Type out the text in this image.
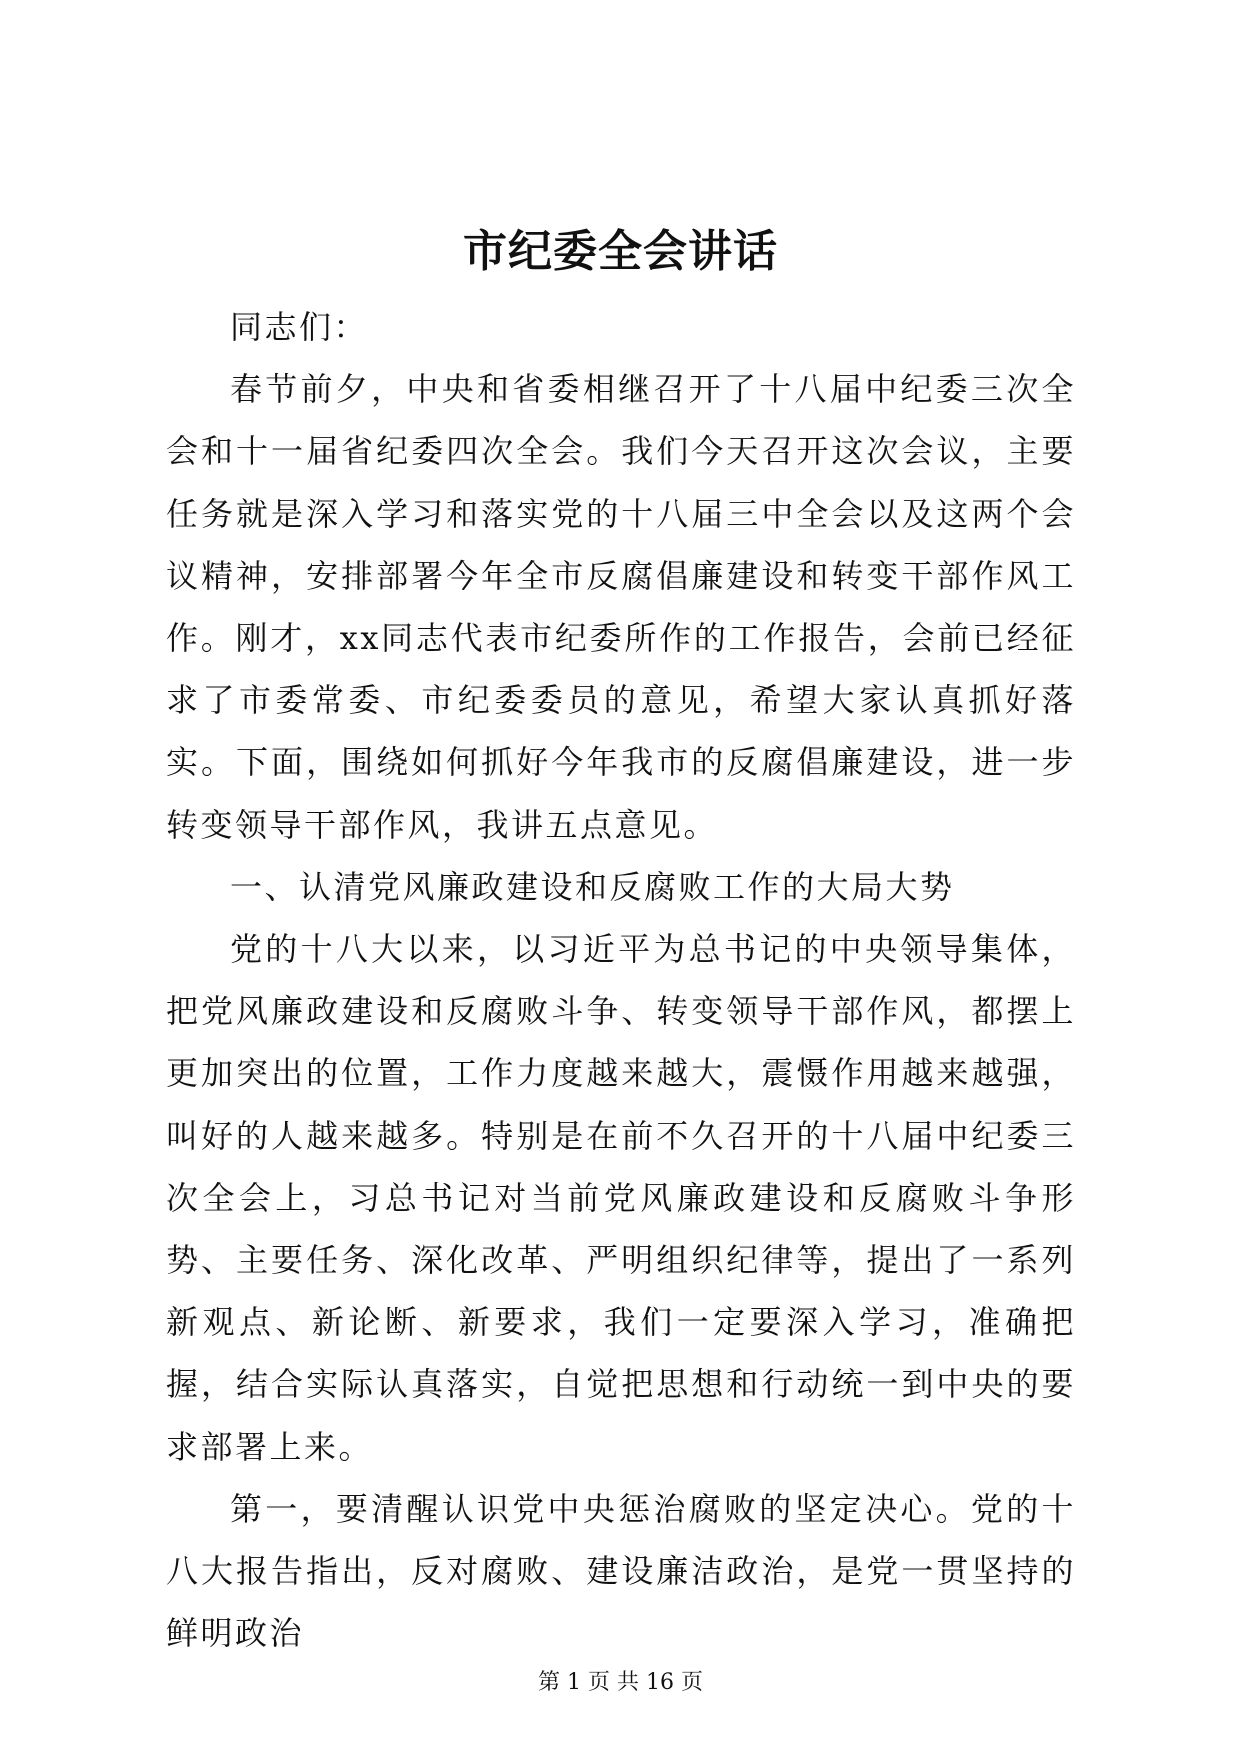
市纪委全会讲话

同志们：

春节前夕，中央和省委相继召开了十八届中纪委三次全会和十一届省纪委四次全会。我们今天召开这次会议，主要任务就是深入学习和落实党的十八届三中全会以及这两个会议精神，安排部署今年全市反腐倡廉建设和转变干部作风工作。刚才，xx同志代表市纪委所作的工作报告，会前已经征求了市委常委、市纪委委员的意见，希望大家认真抓好落实。下面，围绕如何抓好今年我市的反腐倡廉建设，进一步转变领导干部作风，我讲五点意见。

一、认清党风廉政建设和反腐败工作的大局大势

党的十八大以来，以习近平为总书记的中央领导集体，把党风廉政建设和反腐败斗争、转变领导干部作风，都摆上更加突出的位置，工作力度越来越大，震慑作用越来越强，叫好的人越来越多。特别是在前不久召开的十八届中纪委三次全会上，习总书记对当前党风廉政建设和反腐败斗争形势、主要任务、深化改革、严明组织纪律等，提出了一系列新观点、新论断、新要求，我们一定要深入学习，准确把握，结合实际认真落实，自觉把思想和行动统一到中央的要求部署上来。

第一，要清醒认识党中央惩治腐败的坚定决心。党的十八大报告指出，反对腐败、建设廉洁政治，是党一贯坚持的鲜明政治

第 1 页 共 16 页
